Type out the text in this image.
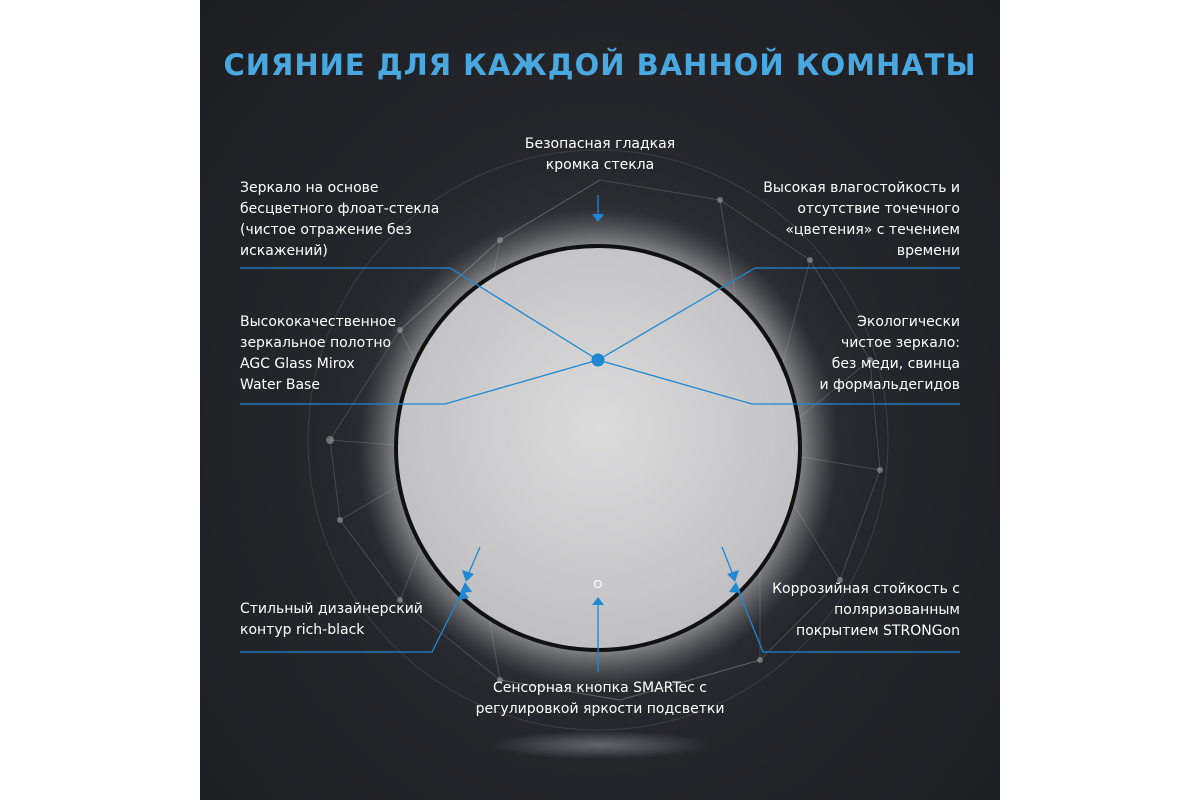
СИЯНИЕ ДЛЯ КАЖДОЙ ВАННОЙ КОМНАТЫ
Безопасная гладкая
кромка стекла
Зеркало на основе
бесцветного флоат-стекла
(чистое отражение без
искажений)
Высококачественное
зеркальное полотно
AGC Glass Mirox
Water Base
Высокая влагостойкость и
отсутствие точечного
«цветения» с течением
времени
Экологически
чистое зеркало:
без меди, свинца
и формальдегидов
Стильный дизайнерский
контур rich-black
Коррозийная стойкость с
поляризованным
покрытием STRONGon
Сенсорная кнопка SMARTec с
регулировкой яркости подсветки
